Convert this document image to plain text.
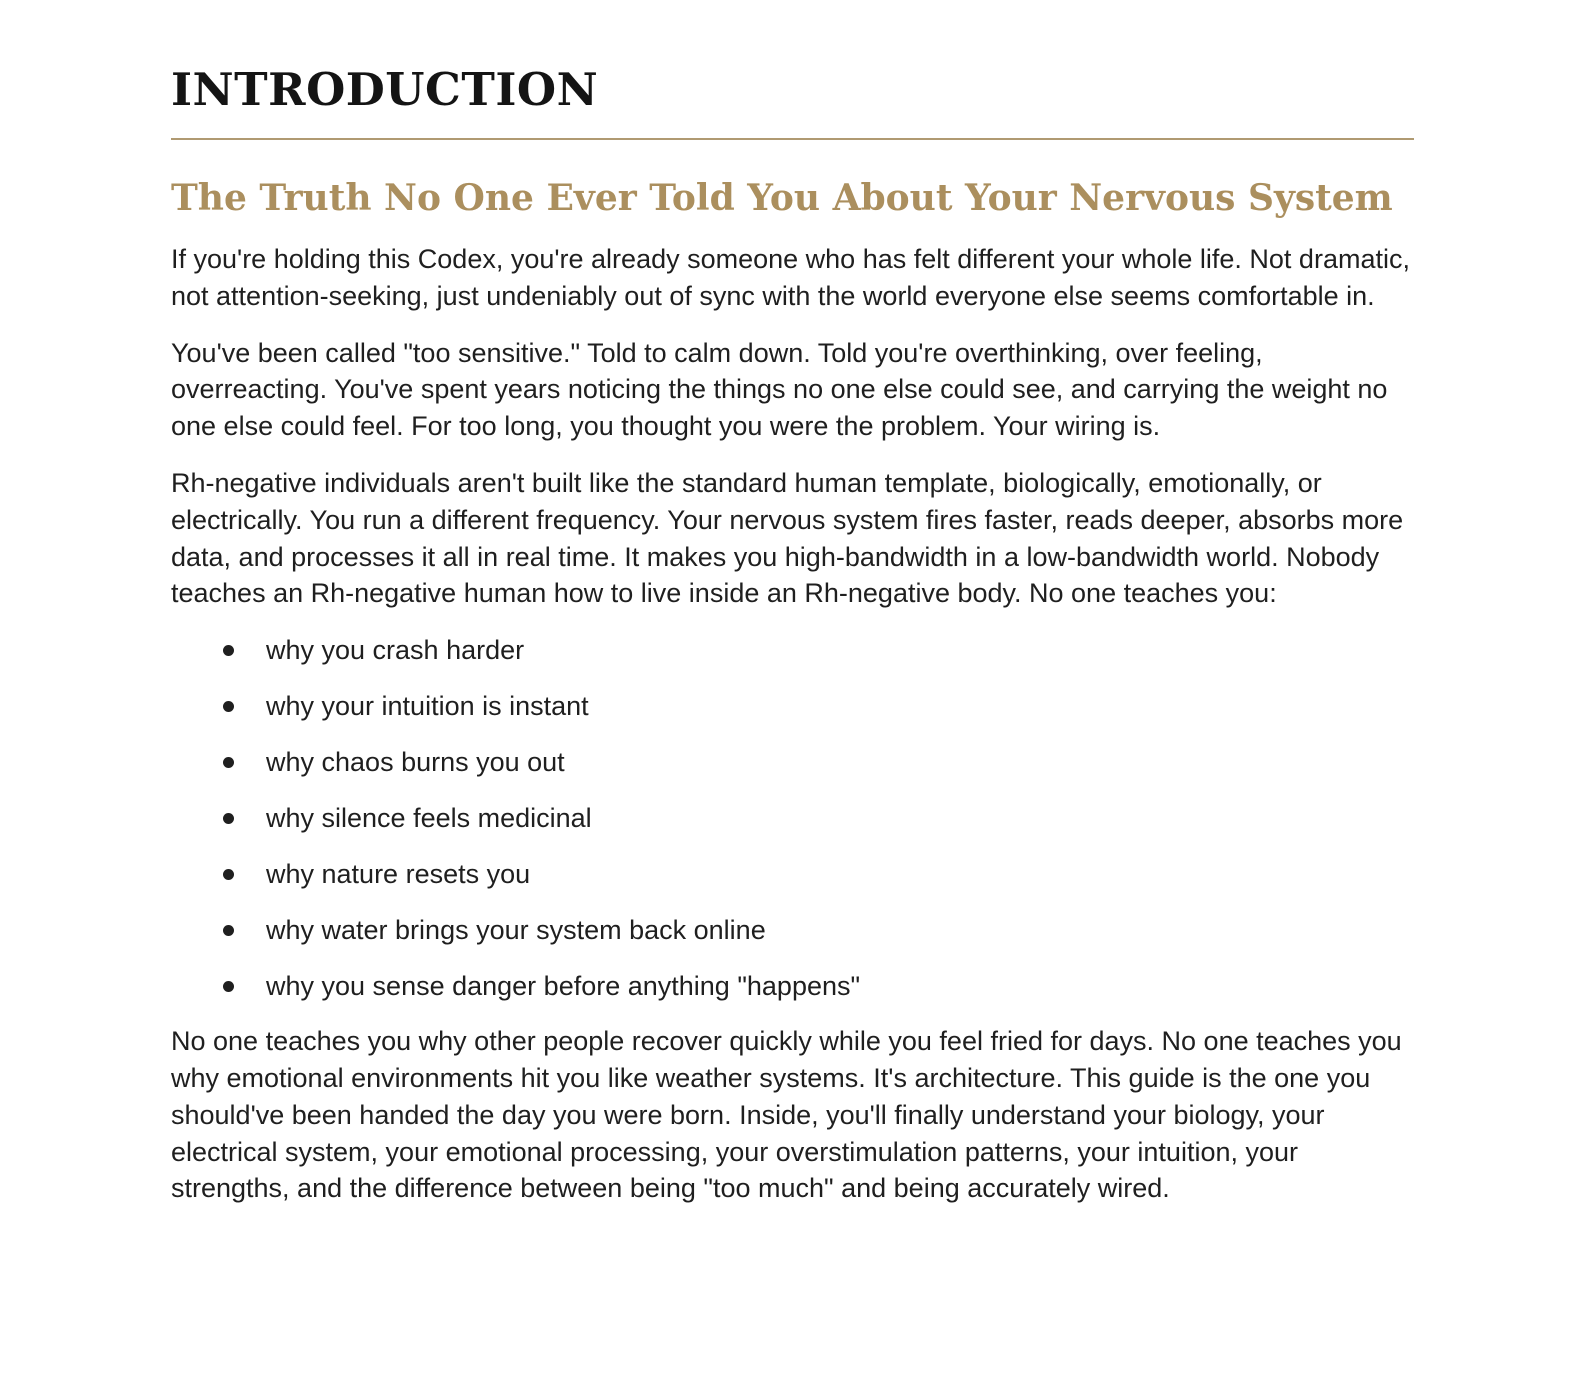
INTRODUCTION
The Truth No One Ever Told You About Your Nervous System

If you're holding this Codex, you're already someone who has felt different your whole life. Not dramatic, not attention-seeking, just undeniably out of sync with the world everyone else seems comfortable in.

You've been called "too sensitive." Told to calm down. Told you're overthinking, over feeling, overreacting. You've spent years noticing the things no one else could see, and carrying the weight no one else could feel. For too long, you thought you were the problem. Your wiring is.

Rh-negative individuals aren't built like the standard human template, biologically, emotionally, or electrically. You run a different frequency. Your nervous system fires faster, reads deeper, absorbs more data, and processes it all in real time. It makes you high-bandwidth in a low-bandwidth world. Nobody teaches an Rh-negative human how to live inside an Rh-negative body. No one teaches you:

why you crash harder
why your intuition is instant
why chaos burns you out
why silence feels medicinal
why nature resets you
why water brings your system back online
why you sense danger before anything "happens"

No one teaches you why other people recover quickly while you feel fried for days. No one teaches you why emotional environments hit you like weather systems. It's architecture. This guide is the one you should've been handed the day you were born. Inside, you'll finally understand your biology, your electrical system, your emotional processing, your overstimulation patterns, your intuition, your strengths, and the difference between being "too much" and being accurately wired.
